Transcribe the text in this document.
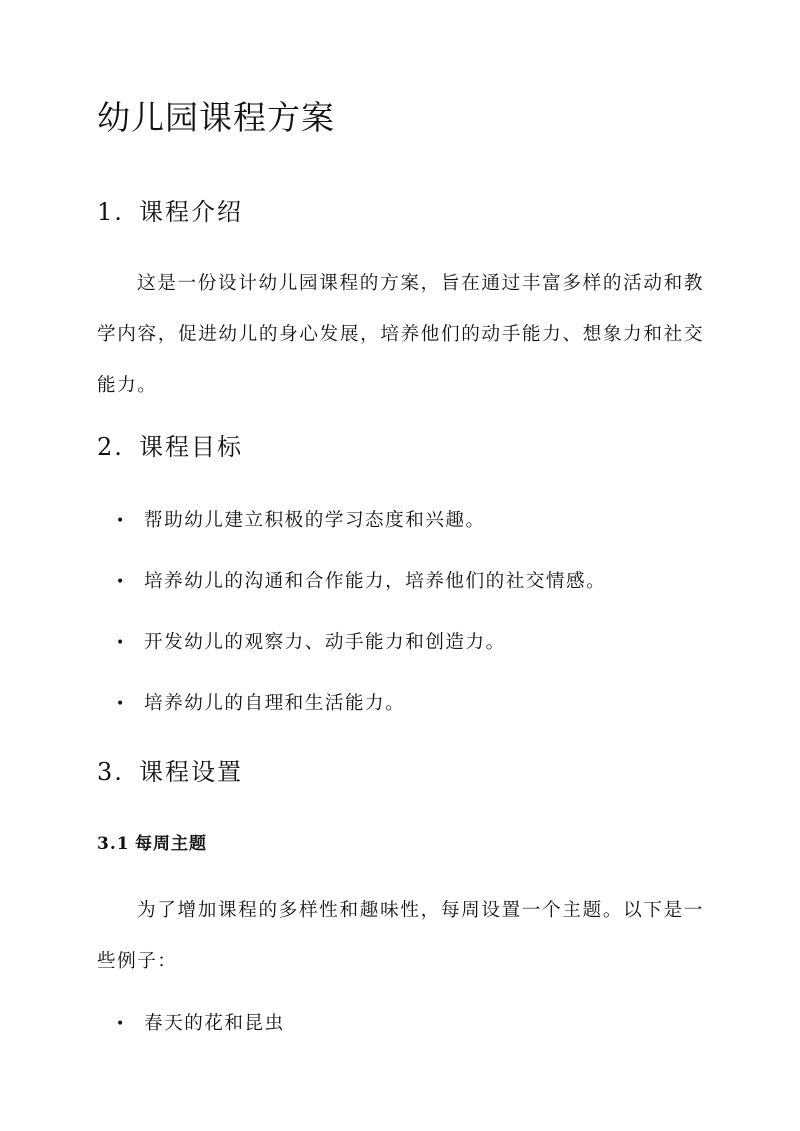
幼儿园课程方案
1. 课程介绍

这是一份设计幼儿园课程的方案，旨在通过丰富多样的活动和教学内容，促进幼儿的身心发展，培养他们的动手能力、想象力和社交能力。

2. 课程目标
• 帮助幼儿建立积极的学习态度和兴趣。
• 培养幼儿的沟通和合作能力，培养他们的社交情感。
• 开发幼儿的观察力、动手能力和创造力。
• 培养幼儿的自理和生活能力。
3. 课程设置
3.1 每周主题

为了增加课程的多样性和趣味性，每周设置一个主题。以下是一些例子：

• 春天的花和昆虫
